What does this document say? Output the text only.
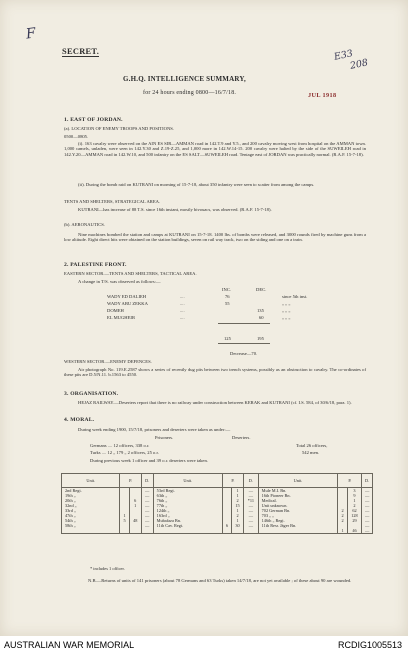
F
SECRET.	E33
208
G.H.Q. INTELLIGENCE SUMMARY,
for 24 hours ending 0800—16/7/18.	JUL 1918
1. EAST OF JORDAN.
(a). LOCATION OF ENEMY TROOPS AND POSITIONS.
0500—0805.
(i). 163 cavalry were observed on the AIN ES SIR—AMMAN road in 142.T.9 and Y.5., and 200 cavalry moving west from hospital on the AMMAN town. 1,000 camels, unladen, were seen in 142.Y.30 and Z.19-Z.25, and 1,000 more in 142.W.14-15. 200 cavalry were halted by the side of the SUWEILEH road in 142.Y.20—AMMAN road in 142.W.10, and 500 infantry on the ES SALT—SUWEILEH road. Tentage east of JORDAN was practically normal. (R.A.F. 15-7-18).
(ii). During the bomb raid on KUTRANI on morning of 15-7-18, about 350 infantry were seen to scatter from among the camps.
TENTS AND SHELTERS, STRATEGICAL AREA.
KUTRANI—has increase of 88 T.S. since 16th instant, mostly bivouacs, was observed. (R.A.F. 15-7-18).
(b). AERONAUTICS.
Nine machines bombed the station and camps at KUTRANI on 15-7-18. 1400 lbs. of bombs were released, and 3000 rounds fired by machine guns from a low altitude. Eight direct hits were obtained on the station buildings, seven on rail way track, two on the siding and one on a train.
2. PALESTINE FRONT.
EASTERN SECTOR.—TENTS AND SHELTERS, TACTICAL AREA.
A change in T/S. was observed as follows:—
INC.	DEC.
WADY ED DALIEH	....	76	since 5th inst.
WADY ABU ZEKKA	....	55	„ „ „
DOMEH	....	135	„ „ „
EL MUGHEIR	....	60	„ „ „
125	195
Decrease—70.
WESTERN SECTOR.—ENEMY DEFENCES.
Air photograph No. 119.E.2587 shows a series of recently dug pits between two trench systems, possibly as an obstruction to cavalry. The co-ordinates of these pits are D.5/N.11. b.1563 to 4550.
3. ORGANISATION.
HEJAZ RAILWAY.—Deserters report that there is no railway under construction between KERAK and KUTRANI (cf. I.S. 584, of 30/6/18, para. 1).
4. MORAL.
During week ending 1900, 15/7/18, prisoners and deserters were taken as under:—
Prisoners.	Deserters.
Germans .... 12 officers, 338 o.r.	Total 26 officers,
Turks .... 12 „ 179 „ 2 officers, 25 o.r.	542 men.
During previous week 1 officer and 39 o.r. deserters were taken.
Unit.	P.		D.	Unit.	P.		D.	Unit.	P.		D.
2nd Regt.			—	53rd Regt.		1	—	Mule M.I. Bn.		3	—
19th „			—	63th „		1	—	16th Pioneer Bn.		9	—
20th „		6	—	76th „		2	*11	Medical.		1	—
32nd „		1	—	77th „		15	—	Unit unknown.		2	—
33rd „			—	124th „		1	—	702 German Bn.	2	62	—
47th „	1		—	163rd „		2	—	703 „ „	2	128	—
54th „	5	48	—	Mubafaza Bn.		1	—	146th „ Regt.	2	29	—
58th „			—	11th Cav. Regt.	6	30	—	11th Resr. Jäger Bn.			—
									1	46	—
* includes 1 officer.
N.B.—Returns of units of 141 prisoners (about 78 Germans and 63 Turks) taken 14/7/18, are not yet available ; of these about 90 are wounded.
AUSTRALIAN WAR MEMORIAL	RCDIG1005513
